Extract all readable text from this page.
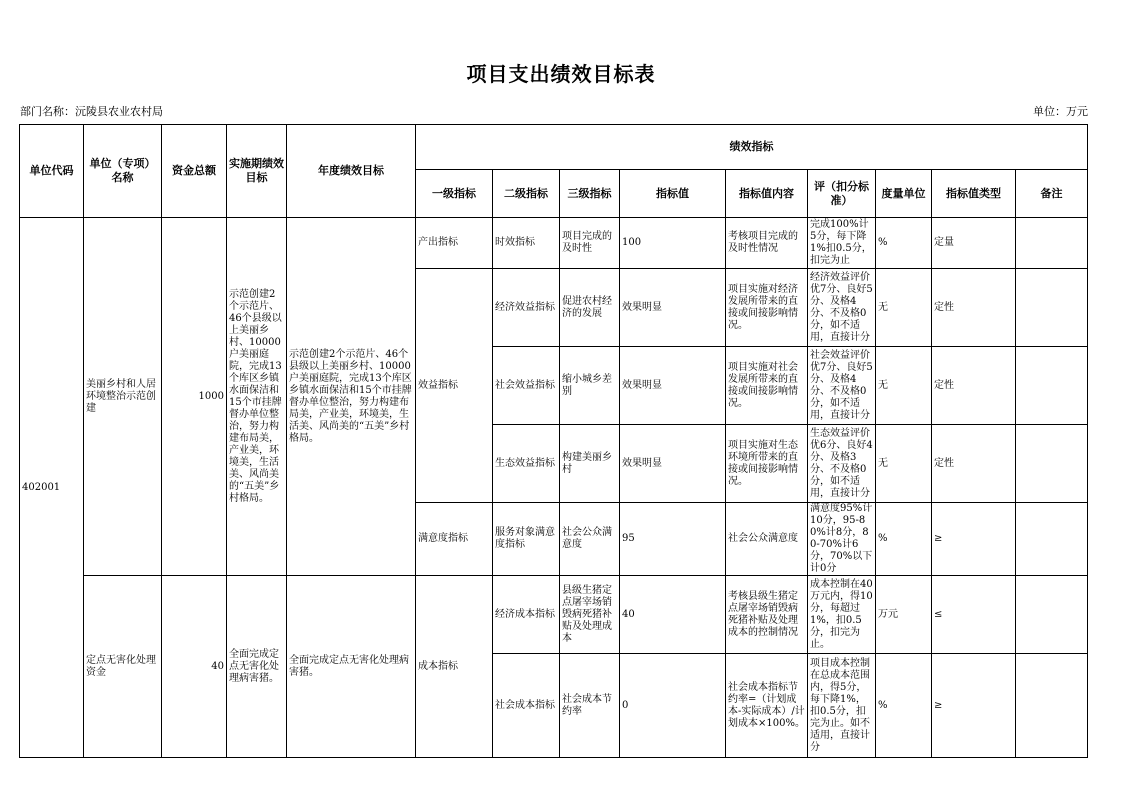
项目支出绩效目标表
部门名称：沅陵县农业农村局	单位：万元
单位代码	单位（专项）名称	资金总额	实施期绩效目标	年度绩效目标	绩效指标								
					一级指标	二级指标	三级指标	指标值	指标值内容	评（扣分标准）	度量单位	指标值类型	备注
402001	美丽乡村和人居环境整治示范创建	1000	示范创建2个示范片、46个县级以上美丽乡村、10000户美丽庭院，完成13个库区乡镇水面保洁和15个市挂牌督办单位整治，努力构建布局美，产业美，环境美，生活美、风尚美的“五美”乡村格局。	示范创建2个示范片、46个县级以上美丽乡村、10000户美丽庭院，完成13个库区乡镇水面保洁和15个市挂牌督办单位整治，努力构建布局美，产业美，环境美，生活美、风尚美的“五美”乡村格局。	产出指标	时效指标	项目完成的及时性	100	考核项目完成的及时性情况	完成100%计5分，每下降1%扣0.5分，扣完为止	%	定量	
					效益指标	经济效益指标	促进农村经济的发展	效果明显	项目实施对经济发展所带来的直接或间接影响情况。	经济效益评价优7分、良好5分、及格4分、不及格0分，如不适用，直接计分	无	定性	
						社会效益指标	缩小城乡差别	效果明显	项目实施对社会发展所带来的直接或间接影响情况。	社会效益评价优7分、良好5分、及格4分、不及格0分，如不适用，直接计分	无	定性	
						生态效益指标	构建美丽乡村	效果明显	项目实施对生态环境所带来的直接或间接影响情况。	生态效益评价优6分、良好4分、及格3分、不及格0分，如不适用，直接计分	无	定性	
					满意度指标	服务对象满意度指标	社会公众满意度	95	社会公众满意度	满意度95%计10分，95-80%计8分，80-70%计6分，70%以下计0分	%	≥	
	定点无害化处理资金	40	全面完成定点无害化处理病害猪。	全面完成定点无害化处理病害猪。	成本指标	经济成本指标	县级生猪定点屠宰场销毁病死猪补贴及处理成本	40	考核县级生猪定点屠宰场销毁病死猪补贴及处理成本的控制情况	成本控制在40万元内，得10分，每超过1%，扣0.5分，扣完为止。	万元	≤	
						社会成本指标	社会成本节约率	0	社会成本指标节约率=（计划成本-实际成本）/计划成本×100%。	项目成本控制在总成本范围内，得5分，每下降1%，扣0.5分，扣完为止。如不适用，直接计分	%	≥	
